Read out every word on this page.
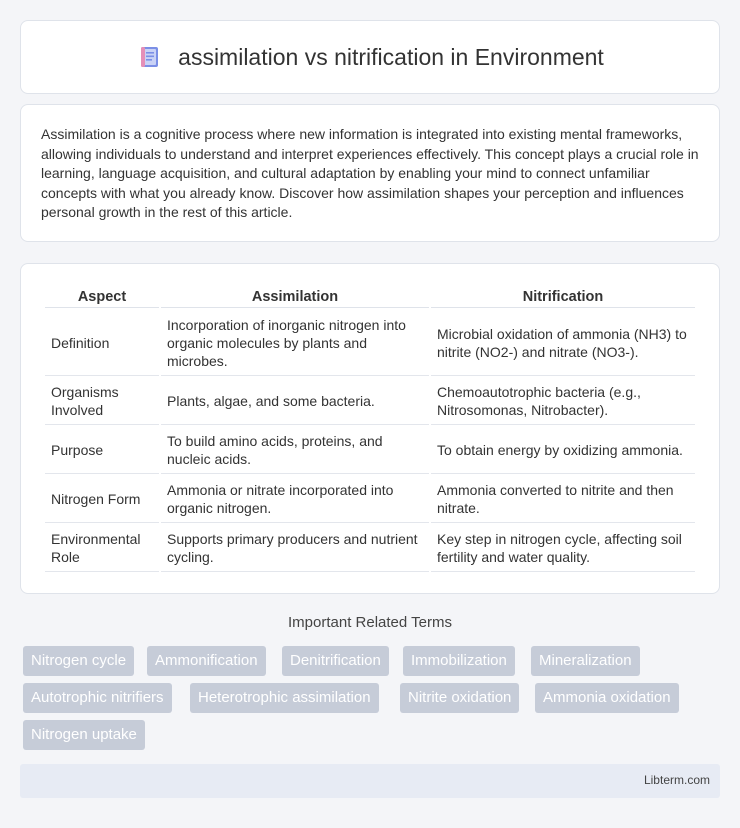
assimilation vs nitrification in Environment

Assimilation is a cognitive process where new information is integrated into existing mental frameworks, allowing individuals to understand and interpret experiences effectively. This concept plays a crucial role in learning, language acquisition, and cultural adaptation by enabling your mind to connect unfamiliar concepts with what you already know. Discover how assimilation shapes your perception and influences personal growth in the rest of this article.

Aspect	Assimilation	Nitrification
Definition	Incorporation of inorganic nitrogen into organic molecules by plants and microbes.	Microbial oxidation of ammonia (NH3) to nitrite (NO2-) and nitrate (NO3-).
Organisms Involved	Plants, algae, and some bacteria.	Chemoautotrophic bacteria (e.g., Nitrosomonas, Nitrobacter).
Purpose	To build amino acids, proteins, and nucleic acids.	To obtain energy by oxidizing ammonia.
Nitrogen Form	Ammonia or nitrate incorporated into organic nitrogen.	Ammonia converted to nitrite and then nitrate.
Environmental Role	Supports primary producers and nutrient cycling.	Key step in nitrogen cycle, affecting soil fertility and water quality.
Important Related Terms
Nitrogen cycle	Ammonification	Denitrification	Immobilization	Mineralization
Autotrophic nitrifiers	Heterotrophic assimilation	Nitrite oxidation	Ammonia oxidation
Nitrogen uptake
Libterm.com
